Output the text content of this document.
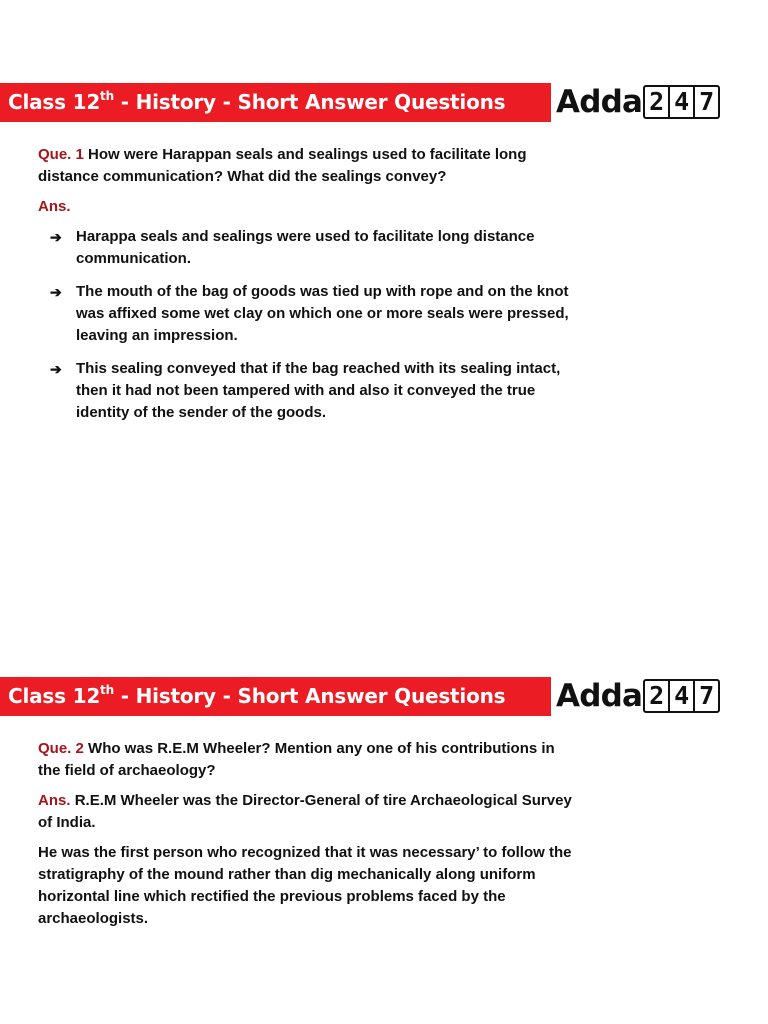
Class 12th - History - Short Answer Questions	Adda 2 4 7

Que. 1 How were Harappan seals and sealings used to facilitate long distance communication? What did the sealings convey?

Ans.

➔ Harappa seals and sealings were used to facilitate long distance communication.
➔ The mouth of the bag of goods was tied up with rope and on the knot was affixed some wet clay on which one or more seals were pressed, leaving an impression.
➔ This sealing conveyed that if the bag reached with its sealing intact, then it had not been tampered with and also it conveyed the true identity of the sender of the goods.
Class 12th - History - Short Answer Questions	Adda 2 4 7

Que. 2 Who was R.E.M Wheeler? Mention any one of his contributions in the field of archaeology?

Ans. R.E.M Wheeler was the Director-General of tire Archaeological Survey of India.

He was the first person who recognized that it was necessary’ to follow the stratigraphy of the mound rather than dig mechanically along uniform horizontal line which rectified the previous problems faced by the archaeologists.
